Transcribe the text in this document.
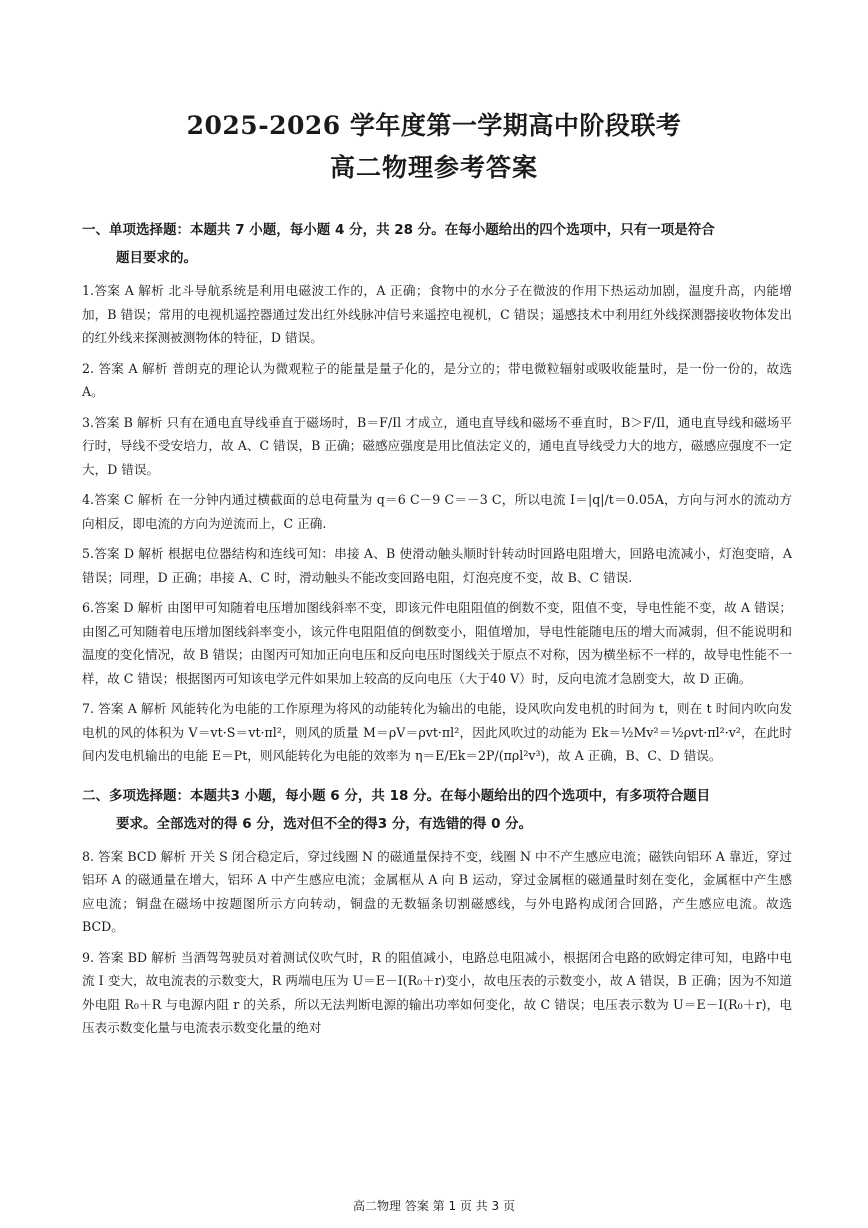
2025-2026 学年度第一学期高中阶段联考
高二物理参考答案
一、单项选择题：本题共 7 小题，每小题 4 分，共 28 分。在每小题给出的四个选项中，只有一项是符合
题目要求的。
1.答案 A 解析 北斗导航系统是利用电磁波工作的，A 正确；食物中的水分子在微波的作用下热运动加剧，温度升高，内能增加，B 错误；常用的电视机遥控器通过发出红外线脉冲信号来遥控电视机，C 错误；遥感技术中利用红外线探测器接收物体发出的红外线来探测被测物体的特征，D 错误。
2. 答案 A 解析 普朗克的理论认为微观粒子的能量是量子化的，是分立的；带电微粒辐射或吸收能量时，是一份一份的，故选 A。
3.答案 B 解析 只有在通电直导线垂直于磁场时，B＝F/Il 才成立，通电直导线和磁场不垂直时，B＞F/Il，通电直导线和磁场平行时，导线不受安培力，故 A、C 错误，B 正确；磁感应强度是用比值法定义的，通电直导线受力大的地方，磁感应强度不一定大，D 错误。
4.答案 C 解析 在一分钟内通过横截面的总电荷量为 q＝6 C－9 C＝－3 C，所以电流 I＝|q|/t＝0.05A，方向与河水的流动方向相反，即电流的方向为逆流而上，C 正确.
5.答案 D 解析 根据电位器结构和连线可知：串接 A、B 使滑动触头顺时针转动时回路电阻增大，回路电流减小，灯泡变暗，A 错误；同理，D 正确；串接 A、C 时，滑动触头不能改变回路电阻，灯泡亮度不变，故 B、C 错误.
6.答案 D 解析 由图甲可知随着电压增加图线斜率不变，即该元件电阻阻值的倒数不变，阻值不变，导电性能不变，故 A 错误；由图乙可知随着电压增加图线斜率变小，该元件电阻阻值的倒数变小，阻值增加，导电性能随电压的增大而减弱，但不能说明和温度的变化情况，故 B 错误；由图丙可知加正向电压和反向电压时图线关于原点不对称，因为横坐标不一样的，故导电性能不一样，故 C 错误；根据图丙可知该电学元件如果加上较高的反向电压（大于40 V）时，反向电流才急剧变大，故 D 正确。
7. 答案 A 解析 风能转化为电能的工作原理为将风的动能转化为输出的电能，设风吹向发电机的时间为 t，则在 t 时间内吹向发电机的风的体积为 V＝vt·S＝vt·πl²，则风的质量 M＝ρV＝ρvt·πl²，因此风吹过的动能为 Ek＝½Mv²＝½ρvt·πl²·v²，在此时间内发电机输出的电能 E＝Pt，则风能转化为电能的效率为 η＝E/Ek＝2P/(πρl²v³)，故 A 正确，B、C、D 错误。
二、多项选择题：本题共3 小题，每小题 6 分，共 18 分。在每小题给出的四个选项中，有多项符合题目
要求。全部选对的得 6 分，选对但不全的得3 分，有选错的得 0 分。
8. 答案 BCD 解析 开关 S 闭合稳定后，穿过线圈 N 的磁通量保持不变，线圈 N 中不产生感应电流；磁铁向铝环 A 靠近，穿过铝环 A 的磁通量在增大，铝环 A 中产生感应电流；金属框从 A 向 B 运动，穿过金属框的磁通量时刻在变化，金属框中产生感应电流；铜盘在磁场中按题图所示方向转动，铜盘的无数辐条切割磁感线，与外电路构成闭合回路，产生感应电流。故选 BCD。
9. 答案 BD 解析 当酒驾驾驶员对着测试仪吹气时，R 的阻值减小，电路总电阻减小，根据闭合电路的欧姆定律可知，电路中电流 I 变大，故电流表的示数变大，R 两端电压为 U＝E－I(R₀＋r)变小，故电压表的示数变小，故 A 错误，B 正确；因为不知道外电阻 R₀＋R 与电源内阻 r 的关系，所以无法判断电源的输出功率如何变化，故 C 错误；电压表示数为 U＝E－I(R₀＋r)，电压表示数变化量与电流表示数变化量的绝对
高二物理 答案 第 1 页 共 3 页
